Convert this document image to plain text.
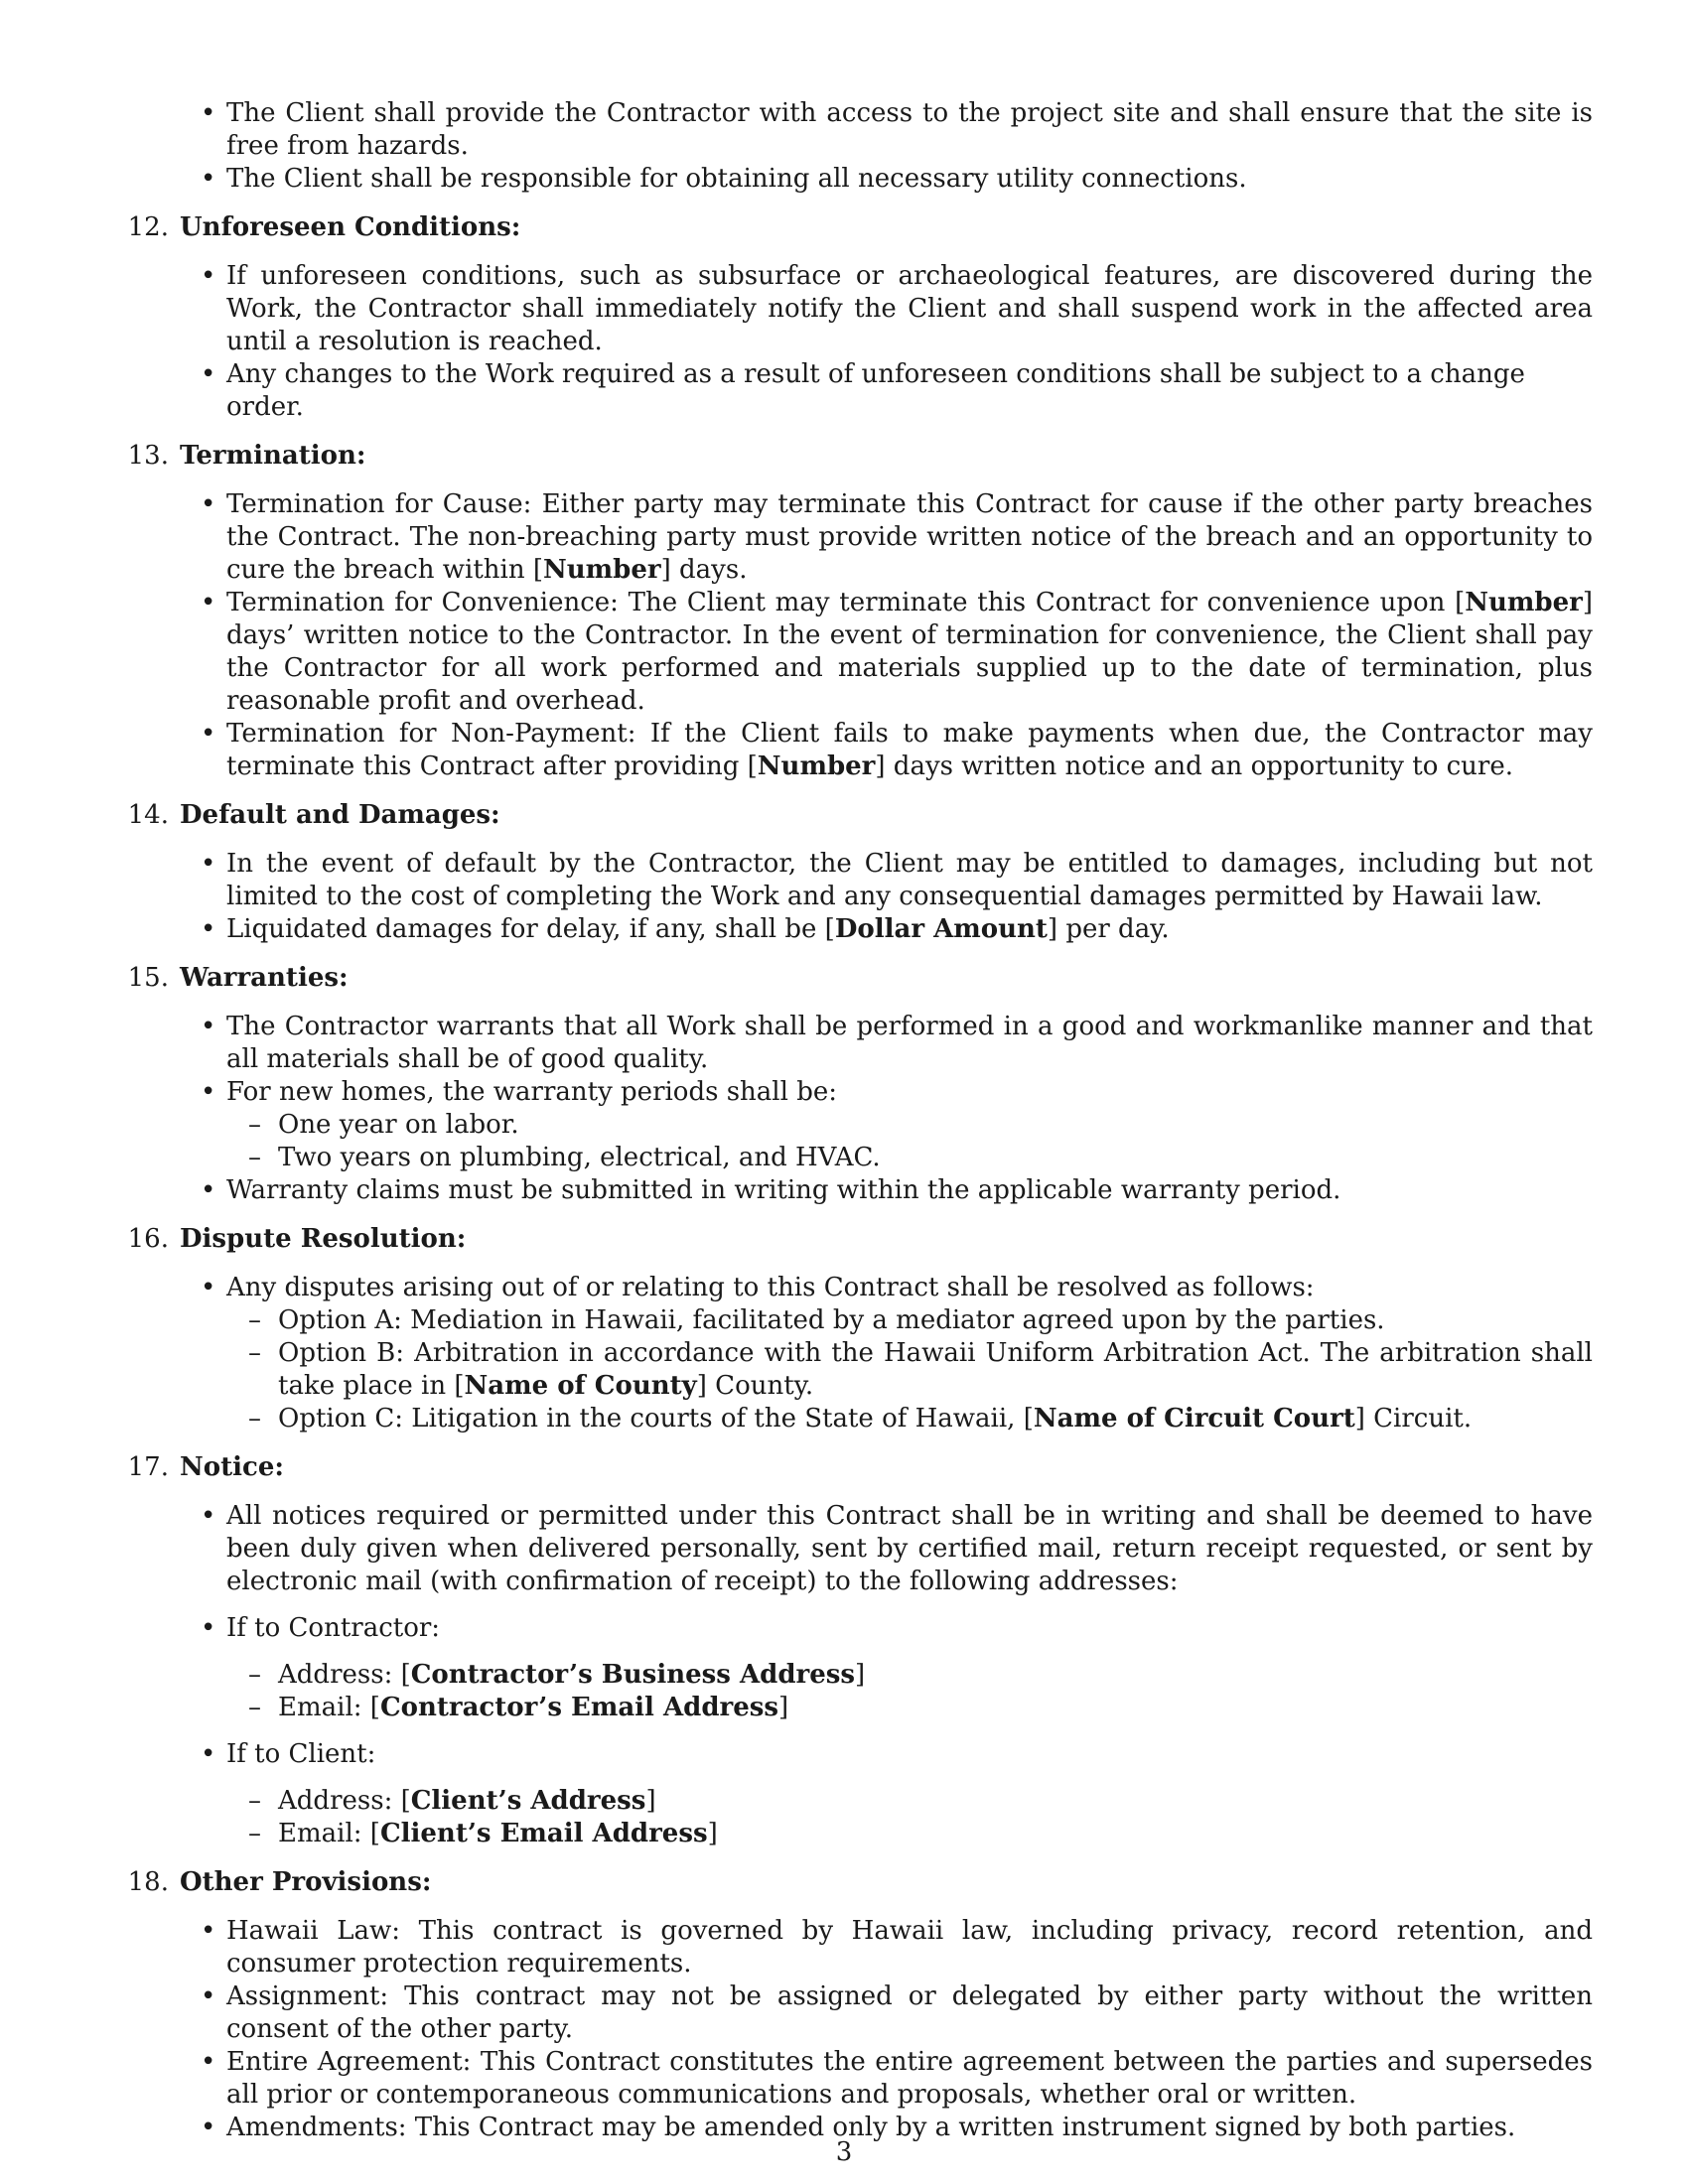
• The Client shall provide the Contractor with access to the project site and shall ensure that the site is free from hazards.
• The Client shall be responsible for obtaining all necessary utility connections.
12. Unforeseen Conditions:
• If unforeseen conditions, such as subsurface or archaeological features, are discovered during the Work, the Contractor shall immediately notify the Client and shall suspend work in the affected area until a resolution is reached.
• Any changes to the Work required as a result of unforeseen conditions shall be subject to a change order.
13. Termination:
• Termination for Cause: Either party may terminate this Contract for cause if the other party breaches the Contract. The non-breaching party must provide written notice of the breach and an opportunity to cure the breach within [Number] days.
• Termination for Convenience: The Client may terminate this Contract for convenience upon [Number] days’ written notice to the Contractor. In the event of termination for convenience, the Client shall pay the Contractor for all work performed and materials supplied up to the date of termination, plus reasonable profit and overhead.
• Termination for Non-Payment: If the Client fails to make payments when due, the Contractor may terminate this Contract after providing [Number] days written notice and an opportunity to cure.
14. Default and Damages:
• In the event of default by the Contractor, the Client may be entitled to damages, including but not limited to the cost of completing the Work and any consequential damages permitted by Hawaii law.
• Liquidated damages for delay, if any, shall be [Dollar Amount] per day.
15. Warranties:
• The Contractor warrants that all Work shall be performed in a good and workmanlike manner and that all materials shall be of good quality.
• For new homes, the warranty periods shall be:
– One year on labor.
– Two years on plumbing, electrical, and HVAC.
• Warranty claims must be submitted in writing within the applicable warranty period.
16. Dispute Resolution:
• Any disputes arising out of or relating to this Contract shall be resolved as follows:
– Option A: Mediation in Hawaii, facilitated by a mediator agreed upon by the parties.
– Option B: Arbitration in accordance with the Hawaii Uniform Arbitration Act. The arbitration shall take place in [Name of County] County.
– Option C: Litigation in the courts of the State of Hawaii, [Name of Circuit Court] Circuit.
17. Notice:
• All notices required or permitted under this Contract shall be in writing and shall be deemed to have been duly given when delivered personally, sent by certified mail, return receipt requested, or sent by electronic mail (with confirmation of receipt) to the following addresses:
• If to Contractor:
– Address: [Contractor’s Business Address]
– Email: [Contractor’s Email Address]
• If to Client:
– Address: [Client’s Address]
– Email: [Client’s Email Address]
18. Other Provisions:
• Hawaii Law: This contract is governed by Hawaii law, including privacy, record retention, and consumer protection requirements.
• Assignment: This contract may not be assigned or delegated by either party without the written consent of the other party.
• Entire Agreement: This Contract constitutes the entire agreement between the parties and supersedes all prior or contemporaneous communications and proposals, whether oral or written.
• Amendments: This Contract may be amended only by a written instrument signed by both parties.
3
